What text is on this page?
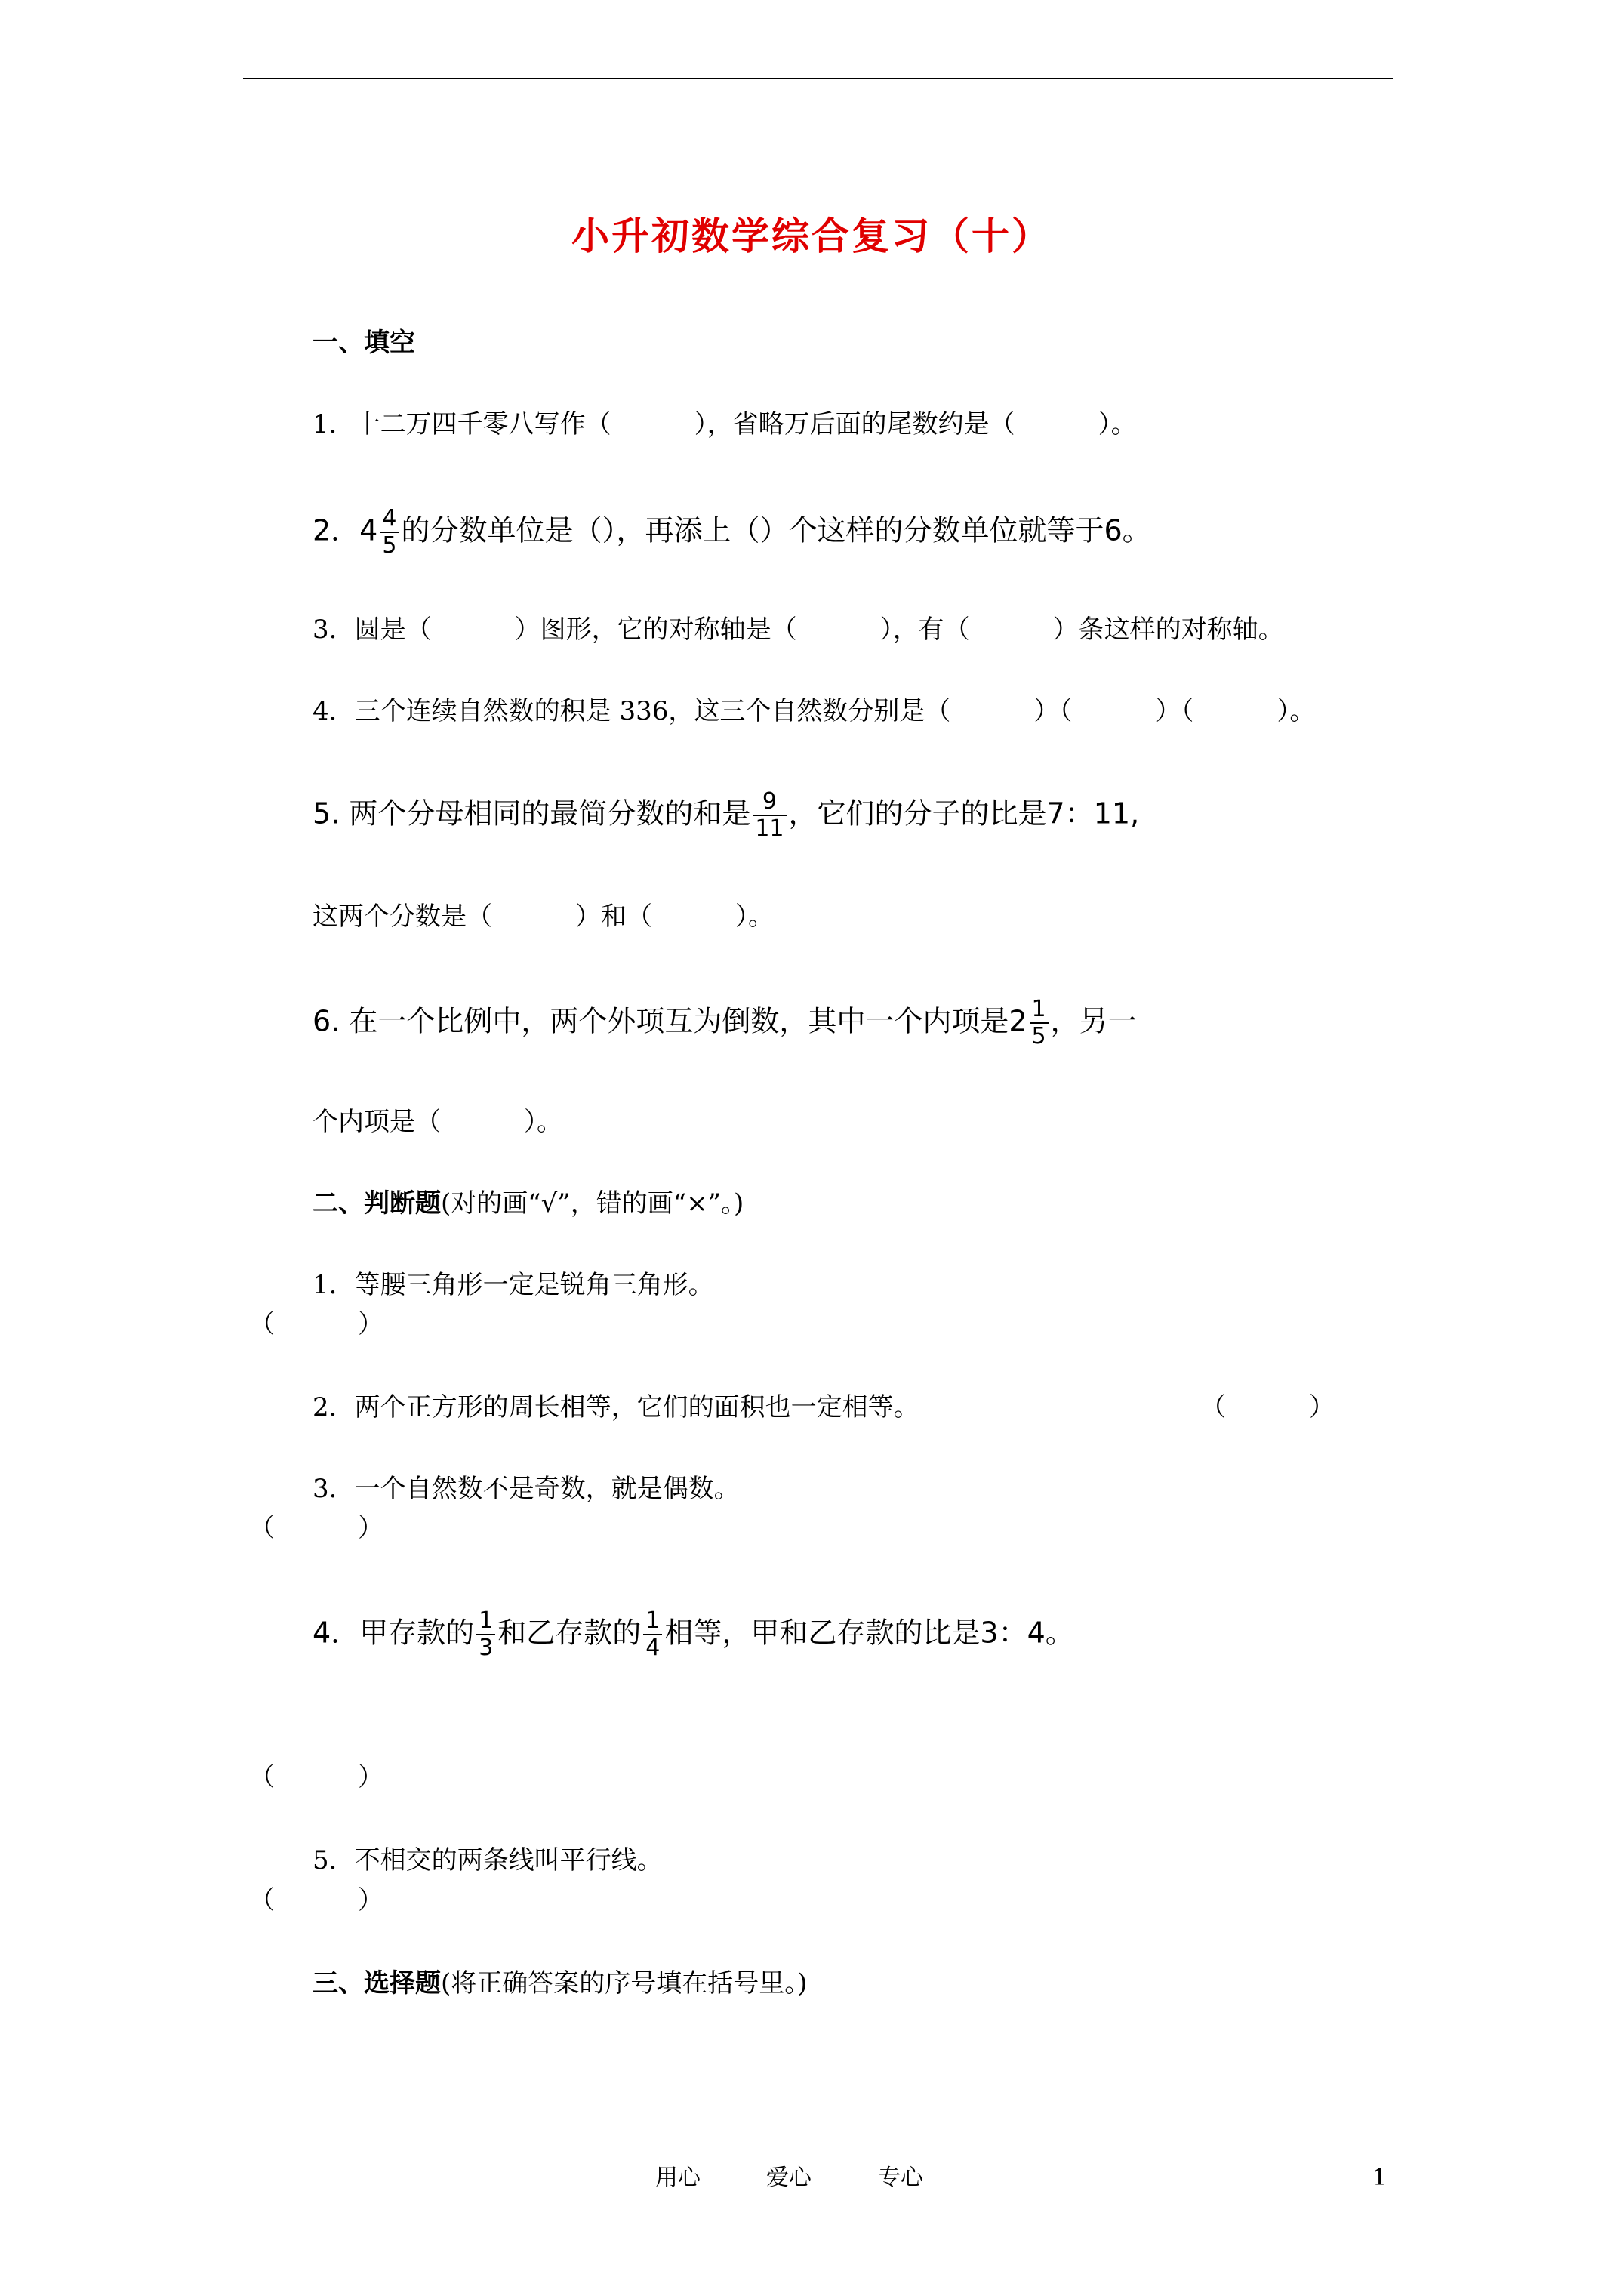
小升初数学综合复习（十）
一、填空
1．十二万四千零八写作（	），省略万后面的尾数约是（	）。
2．$4 \frac{4}{5}$ 的分数单位是（），再添上（）个这样的分数单位就等于6。
3．圆是（	）图形，它的对称轴是（	），有（	）条这样的对称轴。
4．三个连续自然数的积是 336，这三个自然数分别是（	）（	）（	）。
5. 两个分母相同的最简分数的和是 $\frac{9}{11}$ ，它们的分子的比是7：11,
这两个分数是（	）和（	）。
6. 在一个比例中，两个外项互为倒数，其中一个内项是$2 \frac{1}{5}$ ，另一
个内项是（	）。
二、判断题(对的画“√”，错的画“×”。)
1．等腰三角形一定是锐角三角形。
（	）
2．两个正方形的周长相等，它们的面积也一定相等。	（	）
3．一个自然数不是奇数，就是偶数。
（	）
4．甲存款的 $\frac{1}{3}$ 和乙存款的 $\frac{1}{4}$ 相等，甲和乙存款的比是3：4。
（	）
5．不相交的两条线叫平行线。
（	）
三、选择题(将正确答案的序号填在括号里。)
用心	爱心	专心	1
